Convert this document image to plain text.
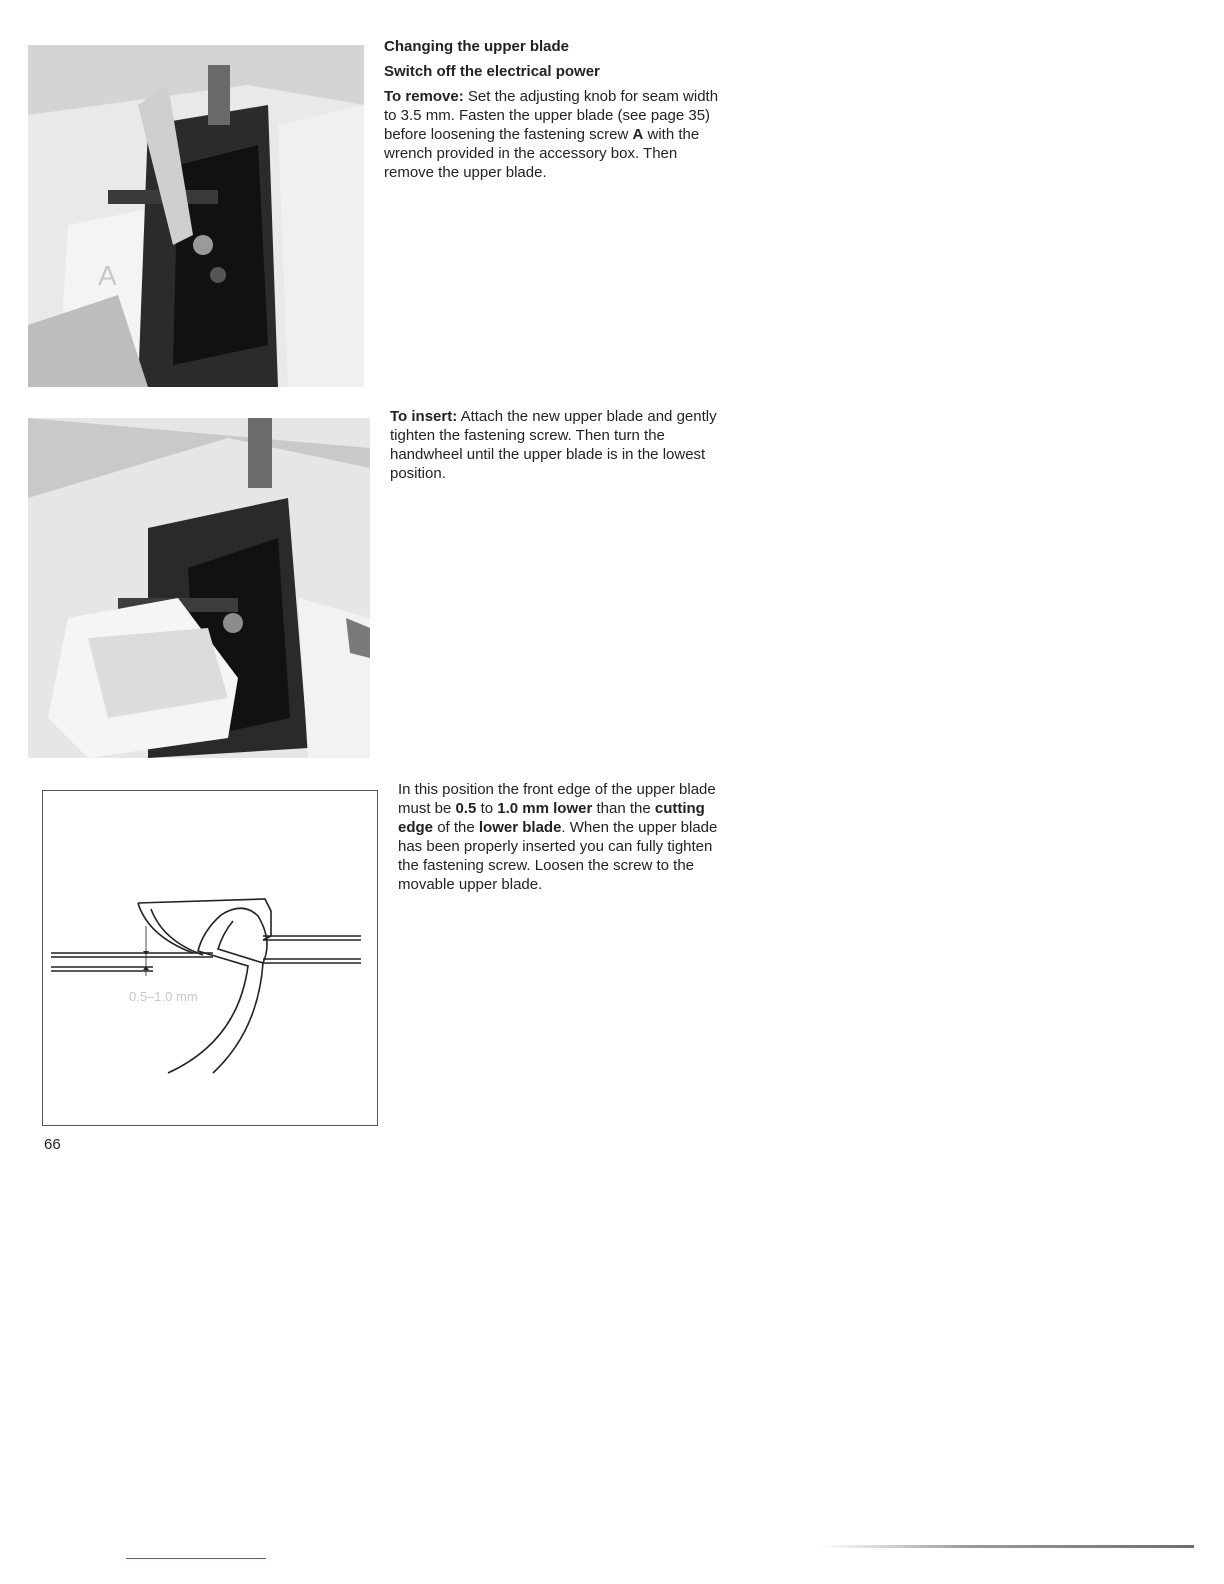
A
Changing the upper blade
Switch off the electrical power

To remove: Set the adjusting knob for seam width to 3.5 mm. Fasten the upper blade (see page 35) before loosening the fastening screw A with the wrench provided in the accessory box. Then remove the upper blade.

To insert: Attach the new upper blade and gently tighten the fastening screw. Then turn the handwheel until the upper blade is in the lowest position.

0.5–1.0 mm

In this position the front edge of the upper blade must be 0.5 to 1.0 mm lower than the cutting edge of the lower blade. When the upper blade has been properly inserted you can fully tighten the fastening screw. Loosen the screw to the movable upper blade.

66
